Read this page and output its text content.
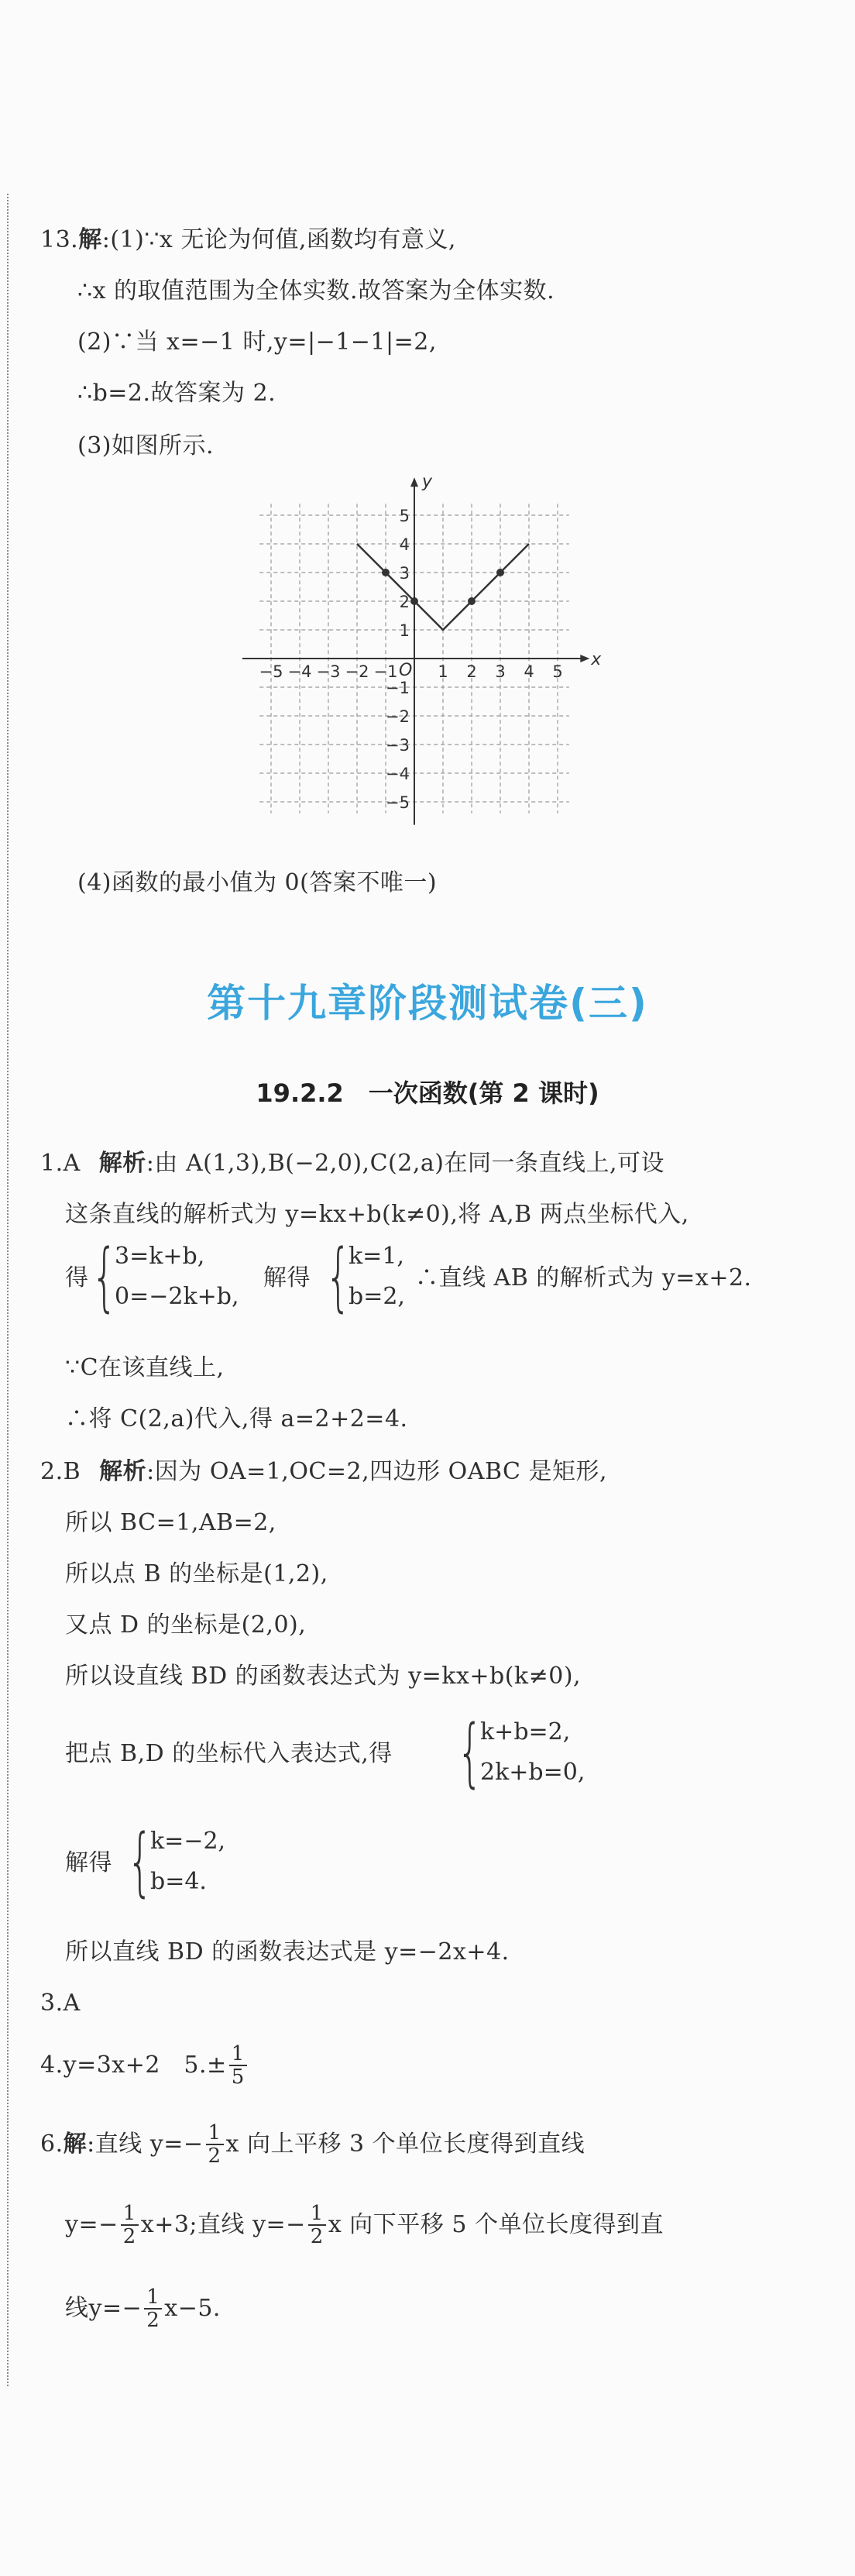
13.解:(1)∵x 无论为何值,函数均有意义,
∴x 的取值范围为全体实数.故答案为全体实数.
(2)∵当 x=−1 时,y=|−1−1|=2,
∴b=2.故答案为 2.
(3)如图所示.
x
y
O
−5 −4 −3 −2 −1 1 2 3 4 5
5
4
3
2
1
−1
−2
−3
−4
−5
(4)函数的最小值为 0(答案不唯一)
第十九章阶段测试卷(三)
19.2.2　一次函数(第 2 课时)
1.A 解析:由 A(1,3),B(−2,0),C(2,a)在同一条直线上,可设
这条直线的解析式为 y=kx+b(k≠0),将 A,B 两点坐标代入,
得 {
3=k+b,
0=−2k+b,
解得 {
k=1,
b=2,
∴直线 AB 的解析式为 y=x+2.
∵C在该直线上,
∴将 C(2,a)代入,得 a=2+2=4.
2.B 解析:因为 OA=1,OC=2,四边形 OABC 是矩形,
所以 BC=1,AB=2,
所以点 B 的坐标是(1,2),
又点 D 的坐标是(2,0),
所以设直线 BD 的函数表达式为 y=kx+b(k≠0),
把点 B,D 的坐标代入表达式,得 {
k+b=2,
2k+b=0,
解得 {
k=−2,
b=4.
所以直线 BD 的函数表达式是 y=−2x+4.
3.A
4.y=3x+2　$5.\pm \frac{1}{5}$
6. 解 :直线 $y=- \frac{1}{2}$ x 向上平移 3 个单位长度得到直线
$y=- \frac{1}{2} x+3$;直线 $y=- \frac{1}{2}$ x 向下平移 5 个单位长度得到直
线$y=- \frac{1}{2} x-5$.
